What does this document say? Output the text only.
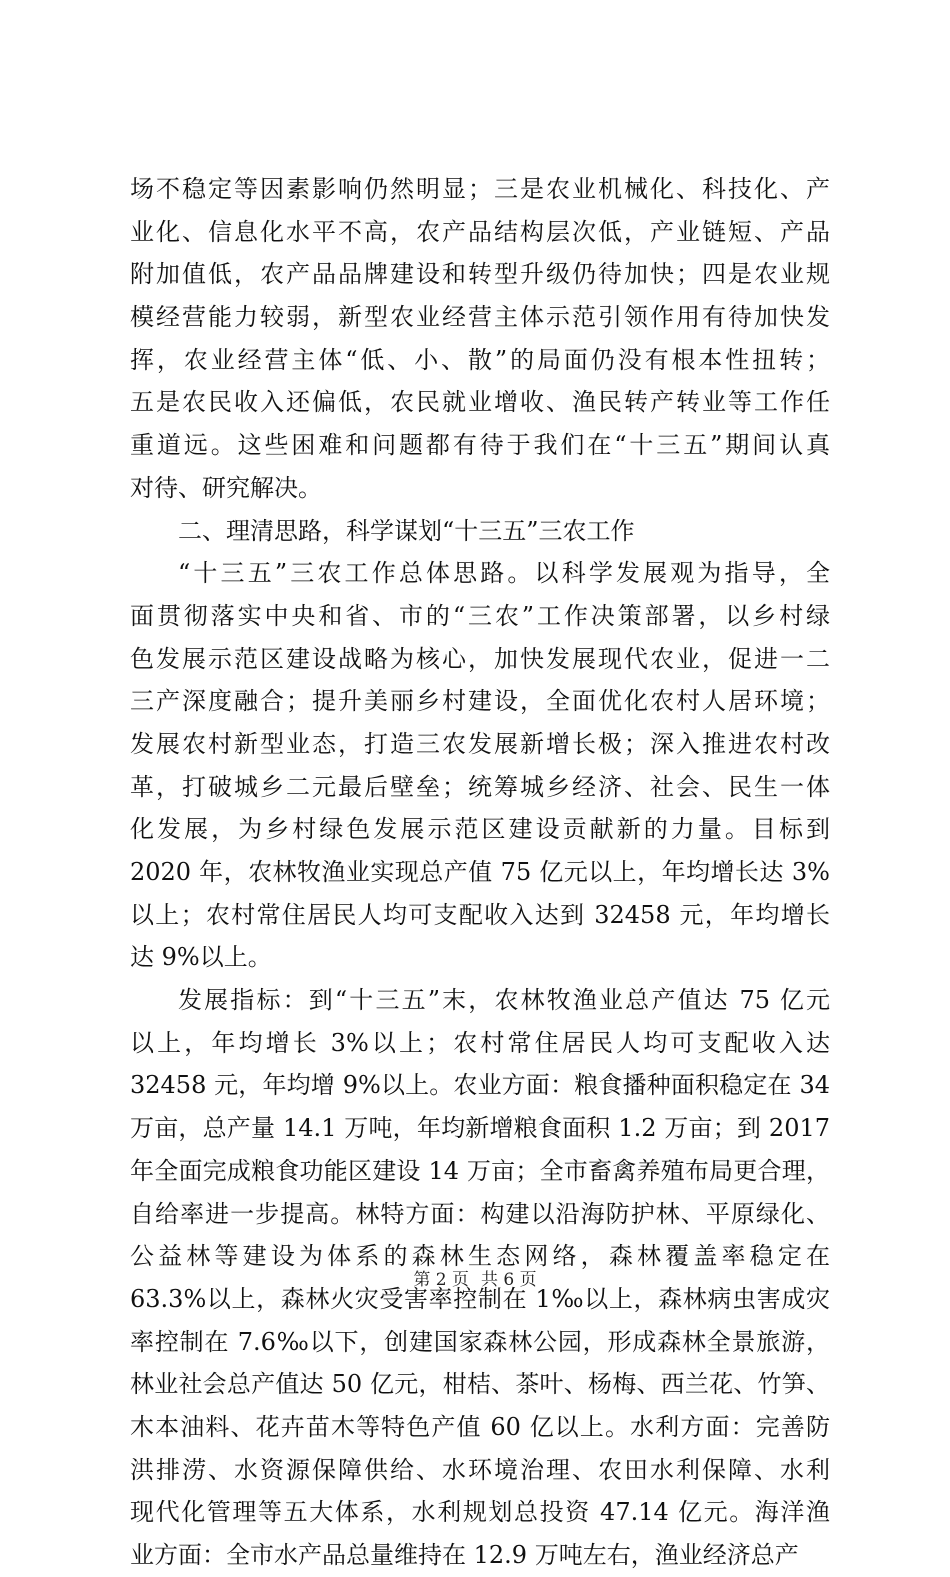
场不稳定等因素影响仍然明显；三是农业机械化、科技化、产
业化、信息化水平不高，农产品结构层次低，产业链短、产品
附加值低，农产品品牌建设和转型升级仍待加快；四是农业规
模经营能力较弱，新型农业经营主体示范引领作用有待加快发
挥，农业经营主体“低、小、散”的局面仍没有根本性扭转；
五是农民收入还偏低，农民就业增收、渔民转产转业等工作任
重道远。这些困难和问题都有待于我们在“十三五”期间认真
对待、研究解决。
二、理清思路，科学谋划“十三五”三农工作
“十三五”三农工作总体思路。以科学发展观为指导，全
面贯彻落实中央和省、市的“三农”工作决策部署，以乡村绿
色发展示范区建设战略为核心，加快发展现代农业，促进一二
三产深度融合；提升美丽乡村建设，全面优化农村人居环境；
发展农村新型业态，打造三农发展新增长极；深入推进农村改
革，打破城乡二元最后壁垒；统筹城乡经济、社会、民生一体
化发展，为乡村绿色发展示范区建设贡献新的力量。目标到
2020 年，农林牧渔业实现总产值 75 亿元以上，年均增长达 3%
以上；农村常住居民人均可支配收入达到 32458 元，年均增长
达 9%以上。
发展指标：到“十三五”末，农林牧渔业总产值达 75 亿元
以上，年均增长 3%以上；农村常住居民人均可支配收入达
32458 元，年均增 9%以上。农业方面：粮食播种面积稳定在 34
万亩，总产量 14.1 万吨，年均新增粮食面积 1.2 万亩；到 2017
年全面完成粮食功能区建设 14 万亩；全市畜禽养殖布局更合理，
自给率进一步提高。林特方面：构建以沿海防护林、平原绿化、
公益林等建设为体系的森林生态网络，森林覆盖率稳定在
63.3%以上，森林火灾受害率控制在 1‰以上，森林病虫害成灾
率控制在 7.6‰以下，创建国家森林公园，形成森林全景旅游，
林业社会总产值达 50 亿元，柑桔、茶叶、杨梅、西兰花、竹笋、
木本油料、花卉苗木等特色产值 60 亿以上。水利方面：完善防
洪排涝、水资源保障供给、水环境治理、农田水利保障、水利
现代化管理等五大体系，水利规划总投资 47.14 亿元。海洋渔
业方面：全市水产品总量维持在 12.9 万吨左右，渔业经济总产
第 2 页 共 6 页
